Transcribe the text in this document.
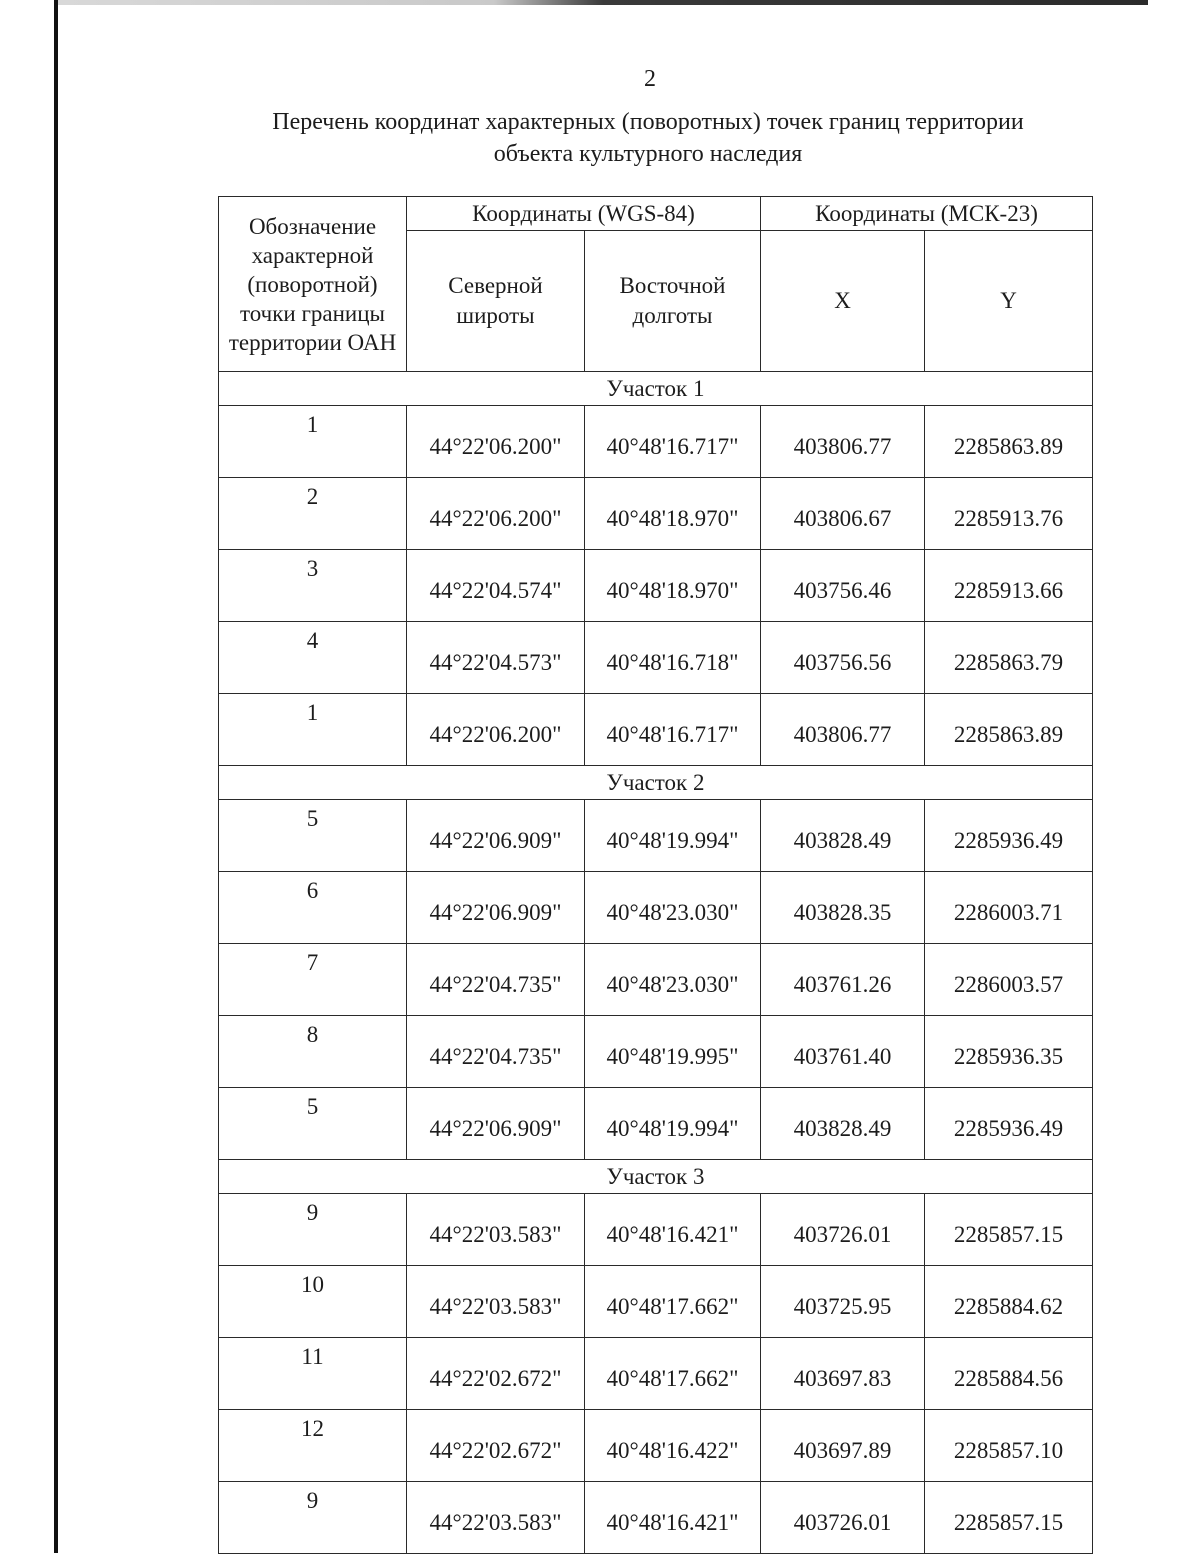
2
Перечень координат характерных (поворотных) точек границ территории
объекта культурного наследия
Обозначение характерной (поворотной) точки границы территории ОАН	Координаты (WGS-84)		Координаты (МСК-23)	
	Северной широты	Восточной долготы	X	Y
Участок 1				
1	44°22'06.200"	40°48'16.717"	403806.77	2285863.89
2	44°22'06.200"	40°48'18.970"	403806.67	2285913.76
3	44°22'04.574"	40°48'18.970"	403756.46	2285913.66
4	44°22'04.573"	40°48'16.718"	403756.56	2285863.79
1	44°22'06.200"	40°48'16.717"	403806.77	2285863.89
Участок 2				
5	44°22'06.909"	40°48'19.994"	403828.49	2285936.49
6	44°22'06.909"	40°48'23.030"	403828.35	2286003.71
7	44°22'04.735"	40°48'23.030"	403761.26	2286003.57
8	44°22'04.735"	40°48'19.995"	403761.40	2285936.35
5	44°22'06.909"	40°48'19.994"	403828.49	2285936.49
Участок 3				
9	44°22'03.583"	40°48'16.421"	403726.01	2285857.15
10	44°22'03.583"	40°48'17.662"	403725.95	2285884.62
11	44°22'02.672"	40°48'17.662"	403697.83	2285884.56
12	44°22'02.672"	40°48'16.422"	403697.89	2285857.10
9	44°22'03.583"	40°48'16.421"	403726.01	2285857.15
